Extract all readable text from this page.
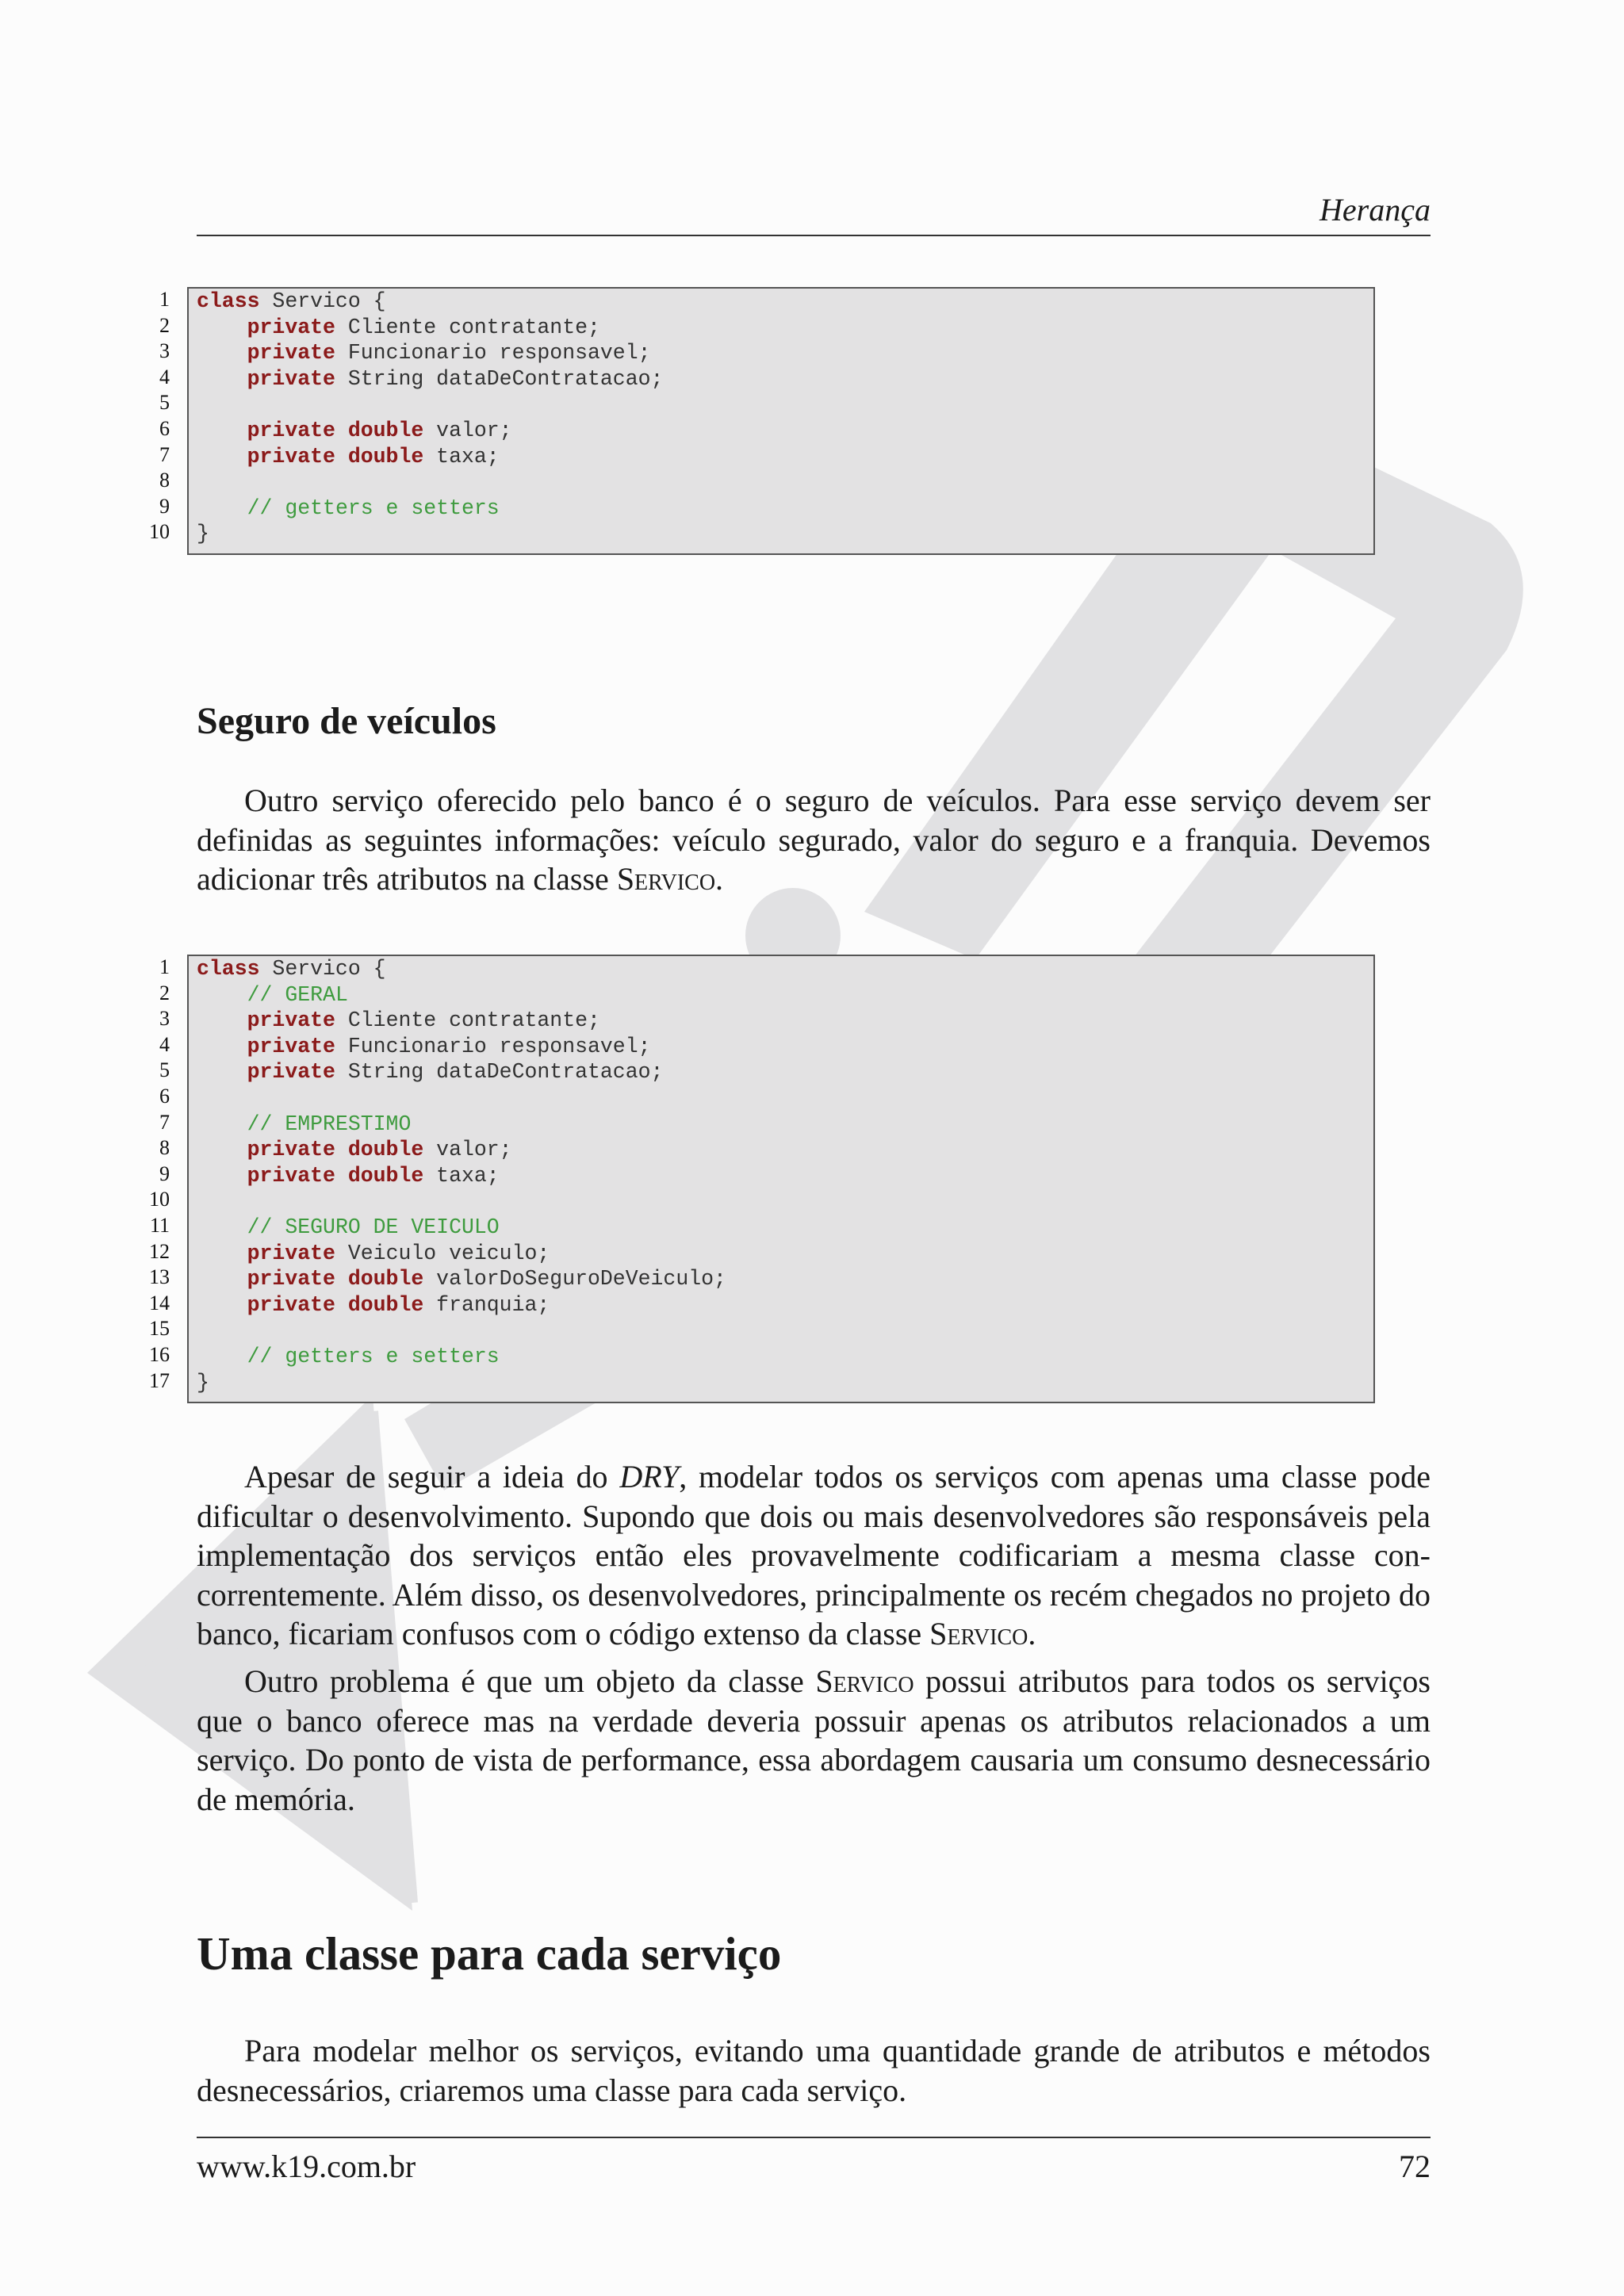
Herança
1
2
3
4
5
6
7
8
9
10
class Servico {
private Cliente contratante;
private Funcionario responsavel;
private String dataDeContratacao;

private double valor;
private double taxa;

// getters e setters
}
Seguro de veículos

Outro serviço oferecido pelo banco é o seguro de veículos. Para esse serviço devem ser definidas as seguintes informações: veículo segurado, valor do seguro e a franquia. Devemos adicionar três atributos na classe Servico.

1
2
3
4
5
6
7
8
9
10
11
12
13
14
15
16
17
class Servico {
// GERAL
private Cliente contratante;
private Funcionario responsavel;
private String dataDeContratacao;

// EMPRESTIMO
private double valor;
private double taxa;

// SEGURO DE VEICULO
private Veiculo veiculo;
private double valorDoSeguroDeVeiculo;
private double franquia;

// getters e setters
}

Apesar de seguir a ideia do DRY, modelar todos os serviços com apenas uma classe pode dificultar o desenvolvimento. Supondo que dois ou mais desenvolvedores são responsáveis pela implementação dos serviços então eles provavelmente codificariam a mesma classe concorrentemente. Além disso, os desenvolvedores, principalmente os recém chegados no projeto do banco, ficariam confusos com o código extenso da classe Servico.

Outro problema é que um objeto da classe Servico possui atributos para todos os serviços que o banco oferece mas na verdade deveria possuir apenas os atributos relacionados a um serviço. Do ponto de vista de performance, essa abordagem causaria um consumo desnecessário de memória.

Uma classe para cada serviço

Para modelar melhor os serviços, evitando uma quantidade grande de atributos e métodos desnecessários, criaremos uma classe para cada serviço.

www.k19.com.br	72
